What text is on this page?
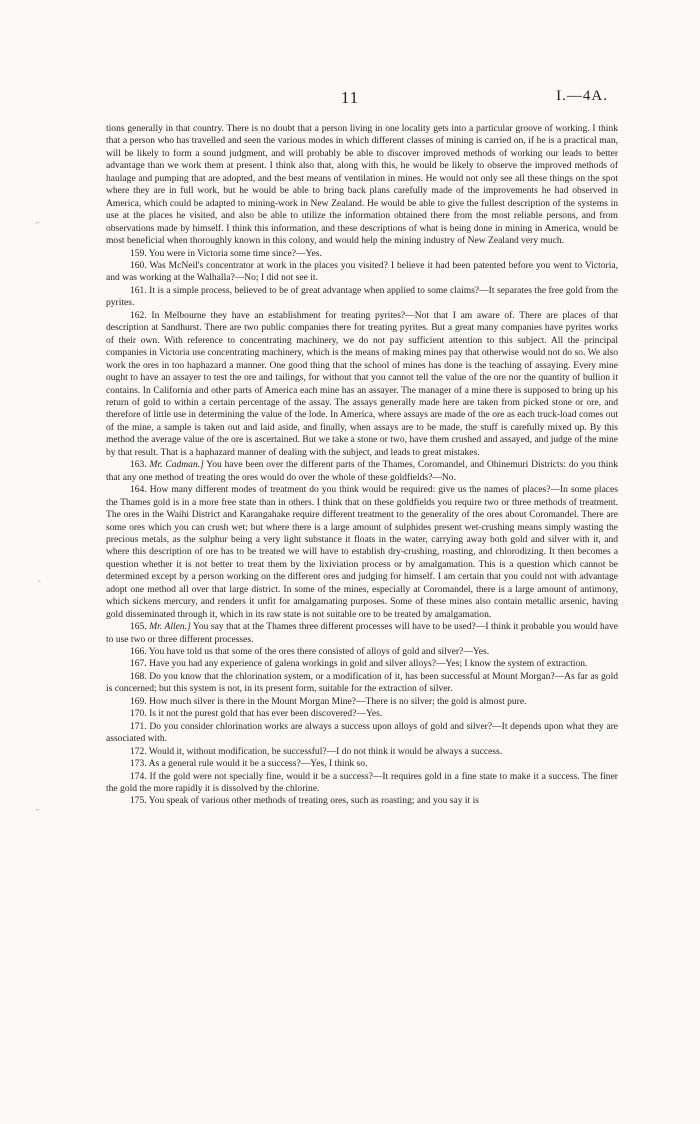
11	I.—4A.
⌐
˷
⌐

tions generally in that country. There is no doubt that a person living in one locality gets into a particular groove of working. I think that a person who has travelled and seen the various modes in which different classes of mining is carried on, if he is a practical man, will be likely to form a sound judgment, and will probably be able to discover improved methods of working our leads to better advantage than we work them at present. I think also that, along with this, he would be likely to observe the improved methods of haulage and pumping that are adopted, and the best means of ventilation in mines. He would not only see all these things on the spot where they are in full work, but he would be able to bring back plans carefully made of the improvements he had observed in America, which could be adapted to mining-work in New Zealand. He would be able to give the fullest description of the systems in use at the places he visited, and also be able to utilize the information obtained there from the most reliable persons, and from observations made by himself. I think this information, and these descriptions of what is being done in mining in America, would be most beneficial when thoroughly known in this colony, and would help the mining industry of New Zealand very much.

159. You were in Victoria some time since?—Yes.

160. Was McNeil's concentrator at work in the places you visited? I believe it had been patented before you went to Victoria, and was working at the Walhalla?—No; I did not see it.

161. It is a simple process, believed to be of great advantage when applied to some claims?—It separates the free gold from the pyrites.

162. In Melbourne they have an establishment for treating pyrites?—Not that I am aware of. There are places of that description at Sandhurst. There are two public companies there for treating pyrites. But a great many companies have pyrites works of their own. With reference to concentrating machinery, we do not pay sufficient attention to this subject. All the principal companies in Victoria use concentrating machinery, which is the means of making mines pay that otherwise would not do so. We also work the ores in too haphazard a manner. One good thing that the school of mines has done is the teaching of assaying. Every mine ought to have an assayer to test the ore and tailings, for without that you cannot tell the value of the ore nor the quantity of bullion it contains. In California and other parts of America each mine has an assayer. The manager of a mine there is supposed to bring up his return of gold to within a certain percentage of the assay. The assays generally made here are taken from picked stone or ore, and therefore of little use in determining the value of the lode. In America, where assays are made of the ore as each truck-load comes out of the mine, a sample is taken out and laid aside, and finally, when assays are to be made, the stuff is carefully mixed up. By this method the average value of the ore is ascertained. But we take a stone or two, have them crushed and assayed, and judge of the mine by that result. That is a haphazard manner of dealing with the subject, and leads to great mistakes.

163. Mr. Cadman.] You have been over the different parts of the Thames, Coromandel, and Ohinemuri Districts: do you think that any one method of treating the ores would do over the whole of these goldfields?—No.

164. How many different modes of treatment do you think would be required: give us the names of places?—In some places the Thames gold is in a more free state than in others. I think that on these goldfields you require two or three methods of treatment. The ores in the Waihi District and Karangahake require different treatment to the generality of the ores about Coromandel. There are some ores which you can crush wet; but where there is a large amount of sulphides present wet-crushing means simply wasting the precious metals, as the sulphur being a very light substance it floats in the water, carrying away both gold and silver with it, and where this description of ore has to be treated we will have to establish dry-crushing, roasting, and chlorodizing. It then becomes a question whether it is not better to treat them by the lixiviation process or by amalgamation. This is a question which cannot be determined except by a person working on the different ores and judging for himself. I am certain that you could not with advantage adopt one method all over that large district. In some of the mines, especially at Coromandel, there is a large amount of antimony, which sickens mercury, and renders it unfit for amalgamating purposes. Some of these mines also contain metallic arsenic, having gold disseminated through it, which in its raw state is not suitable ore to be treated by amalgamation.

165. Mr. Allen.] You say that at the Thames three different processes will have to be used?—I think it probable you would have to use two or three different processes.

166. You have told us that some of the ores there consisted of alloys of gold and silver?—Yes.

167. Have you had any experience of galena workings in gold and silver alloys?—Yes; I know the system of extraction.

168. Do you know that the chlorination system, or a modification of it, has been successful at Mount Morgan?—As far as gold is concerned; but this system is not, in its present form, suitable for the extraction of silver.

169. How much silver is there in the Mount Morgan Mine?—There is no silver; the gold is almost pure.

170. Is it not the purest gold that has ever been discovered?—Yes.

171. Do you consider chlorination works are always a success upon alloys of gold and silver?—It depends upon what they are associated with.

172. Would it, without modification, be successful?—I do not think it would be always a success.

173. As a general rule would it be a success?—Yes, I think so.

174. If the gold were not specially fine, would it be a success?—It requires gold in a fine state to make it a success. The finer the gold the more rapidly it is dissolved by the chlorine.

175. You speak of various other methods of treating ores, such as roasting; and you say it is
